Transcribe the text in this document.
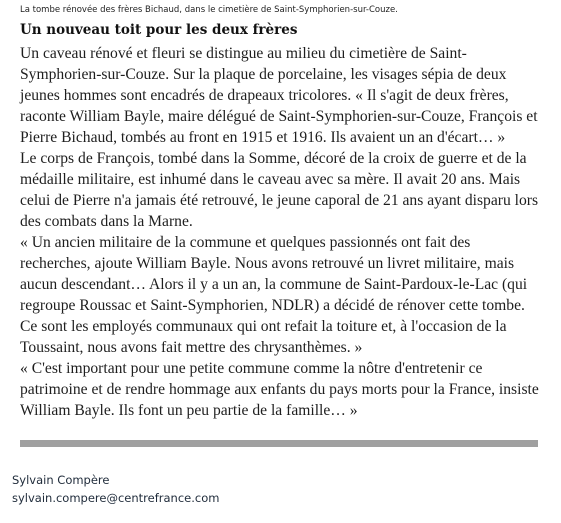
La tombe rénovée des frères Bichaud, dans le cimetière de Saint-Symphorien-sur-Couze.
Un nouveau toit pour les deux frères

Un caveau rénové et fleuri se distingue au milieu du cimetière de Saint-Symphorien-sur-Couze. Sur la plaque de porcelaine, les visages sépia de deux jeunes hommes sont encadrés de drapeaux tricolores. « Il s'agit de deux frères, raconte William Bayle, maire délégué de Saint-Symphorien-sur-Couze, François et Pierre Bichaud, tombés au front en 1915 et 1916. Ils avaient un an d'écart… »

Le corps de François, tombé dans la Somme, décoré de la croix de guerre et de la médaille militaire, est inhumé dans le caveau avec sa mère. Il avait 20 ans. Mais celui de Pierre n'a jamais été retrouvé, le jeune caporal de 21 ans ayant disparu lors des combats dans la Marne.

« Un ancien militaire de la commune et quelques passionnés ont fait des recherches, ajoute William Bayle. Nous avons retrouvé un livret militaire, mais aucun descendant… Alors il y a un an, la commune de Saint-Pardoux-le-Lac (qui regroupe Roussac et Saint-Symphorien, NDLR) a décidé de rénover cette tombe. Ce sont les employés communaux qui ont refait la toiture et, à l'occasion de la Toussaint, nous avons fait mettre des chrysanthèmes. »

« C'est important pour une petite commune comme la nôtre d'entretenir ce patrimoine et de rendre hommage aux enfants du pays morts pour la France, insiste William Bayle. Ils font un peu partie de la famille… »

Sylvain Compère
sylvain.compere@centrefrance.com
